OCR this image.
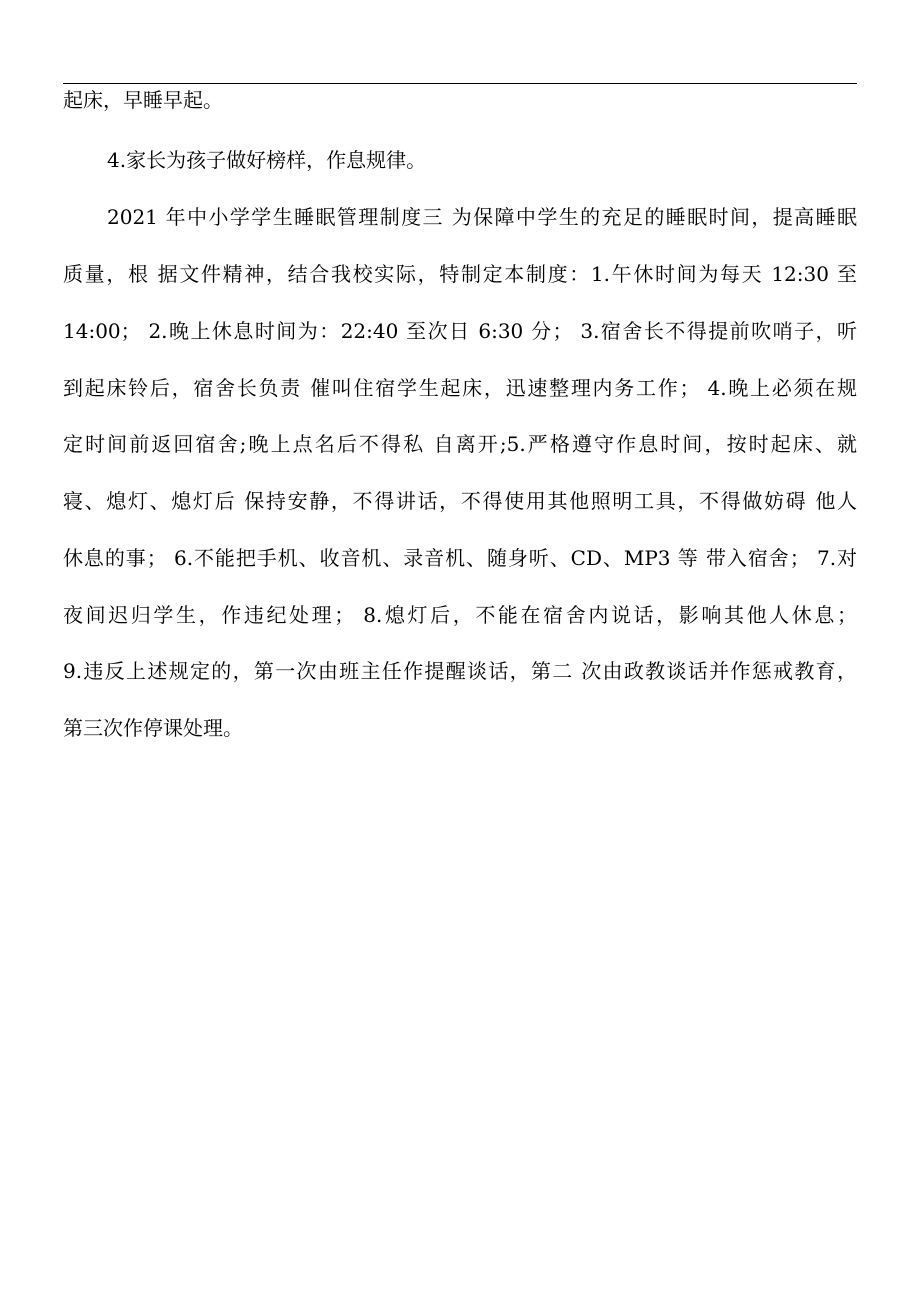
起床，早睡早起。
4.家长为孩子做好榜样，作息规律。
2021 年中小学学生睡眠管理制度三 为保障中学生的充足的睡眠时间，提高睡眠
质量，根 据文件精神，结合我校实际，特制定本制度：1.午休时间为每天 12:30 至
14:00； 2.晚上休息时间为：22:40 至次日 6:30 分； 3.宿舍长不得提前吹哨子，听
到起床铃后，宿舍长负责 催叫住宿学生起床，迅速整理内务工作； 4.晚上必须在规
定时间前返回宿舍;晚上点名后不得私 自离开;5.严格遵守作息时间，按时起床、就
寝、熄灯、熄灯后 保持安静，不得讲话，不得使用其他照明工具，不得做妨碍 他人
休息的事； 6.不能把手机、收音机、录音机、随身听、CD、MP3 等 带入宿舍； 7.对
夜间迟归学生，作违纪处理； 8.熄灯后，不能在宿舍内说话，影响其他人休息；
9.违反上述规定的，第一次由班主任作提醒谈话，第二 次由政教谈话并作惩戒教育，
第三次作停课处理。
